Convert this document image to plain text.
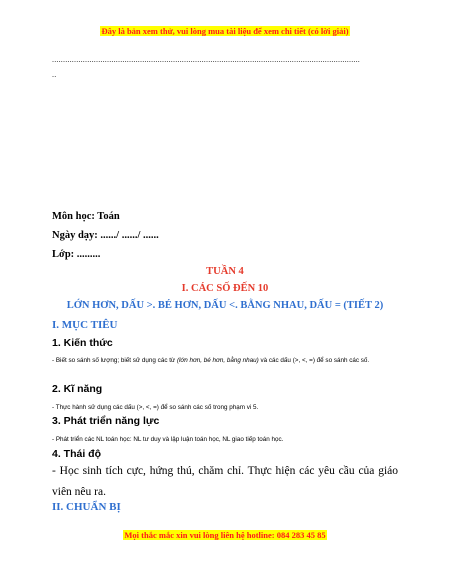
Đây là bản xem thử, vui lòng mua tài liệu để xem chi tiết (có lời giải)
............................................................................................................................................
..
Môn học: Toán
Ngày dạy: ....../ ....../ ......
Lớp: .........
TUẦN 4
I. CÁC SỐ ĐẾN 10
LỚN HƠN, DẤU >. BÉ HƠN, DẤU <. BẰNG NHAU, DẤU = (TIẾT 2)
I. MỤC TIÊU
1. Kiến thức
- Biết so sánh số lượng; biết sử dụng các từ (lớn hơn, bé hơn, bằng nhau) và các dấu (>, <, =) để so sánh các số.
2. Kĩ năng
- Thực hành sử dụng các dấu (>, <, =) để so sánh các số trong phạm vi 5.
3. Phát triển năng lực
- Phát triển các NL toán học: NL tư duy và lập luận toán học, NL giao tiếp toán học.
4. Thái độ
- Học sinh tích cực, hứng thú, chăm chỉ. Thực hiện các yêu cầu của giáo viên nêu ra.
II. CHUẨN BỊ
Mọi thắc mắc xin vui lòng liên hệ hotline: 084 283 45 85
